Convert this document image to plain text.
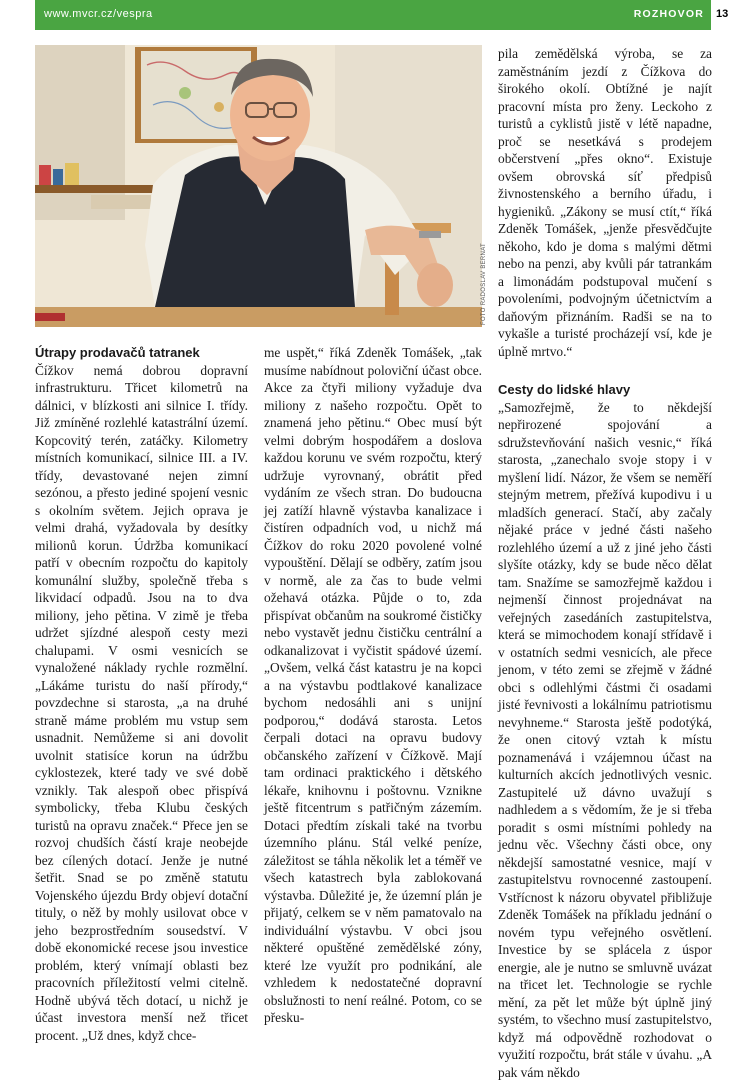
www.mvcr.cz/vespra	ROZHOVOR 13
FOTO RADOSLAV BERNAT
Útrapy prodavačů tatranek

Čížkov nemá dobrou dopravní infrastrukturu. Třicet kilometrů na dálnici, v blízkosti ani silnice I. třídy. Již zmíněné rozlehlé katastrální území. Kopcovitý terén, zatáčky. Kilometry místních komunikací, silnice III. a IV. třídy, devastované nejen zimní sezónou, a přesto jediné spojení vesnic s okolním světem. Jejich oprava je velmi drahá, vyžadovala by desítky milionů korun. Údržba komunikací patří v obecním rozpočtu do kapitoly komunální služby, společně třeba s likvidací odpadů. Jsou na to dva miliony, jeho pětina. V zimě je třeba udržet sjízdné alespoň cesty mezi chalupami. V osmi vesnicích se vynaložené náklady rychle rozmělní. „Lákáme turistu do naší přírody,“ povzdechne si starosta, „a na druhé straně máme problém mu vstup sem usnadnit. Nemůžeme si ani dovolit uvolnit statisíce korun na údržbu cyklostezek, které tady ve své době vznikly. Tak alespoň obec přispívá symbolicky, třeba Klubu českých turistů na opravu značek.“ Přece jen se rozvoj chudších částí kraje neobejde bez cílených dotací. Jenže je nutné šetřit. Snad se po změně statutu Vojenského újezdu Brdy objeví dotační tituly, o něž by mohly usilovat obce v jeho bezprostředním sousedství. V době ekonomické recese jsou investice problém, který vnímají oblasti bez pracovních příležitostí velmi citelně. Hodně ubývá těch dotací, u nichž je účast investora menší než třicet procent. „Už dnes, když chce-

me uspět,“ říká Zdeněk Tomášek, „tak musíme nabídnout poloviční účast obce. Akce za čtyři miliony vyžaduje dva miliony z našeho rozpočtu. Opět to znamená jeho pětinu.“ Obec musí být velmi dobrým hospodářem a doslova každou korunu ve svém rozpočtu, který udržuje vyrovnaný, obrátit před vydáním ze všech stran. Do budoucna jej zatíží hlavně výstavba kanalizace i čistíren odpadních vod, u nichž má Čížkov do roku 2020 povolené volné vypouštění. Dělají se odběry, zatím jsou v normě, ale za čas to bude velmi ožehavá otázka. Půjde o to, zda přispívat občanům na soukromé čističky nebo vystavět jednu čističku centrální a odkanalizovat i vyčistit spádové území. „Ovšem, velká část katastru je na kopci a na výstavbu podtlakové kanalizace bychom nedosáhli ani s unijní podporou,“ dodává starosta. Letos čerpali dotaci na opravu budovy občanského zařízení v Čížkově. Mají tam ordinaci praktického i dětského lékaře, knihovnu i poštovnu. Vznikne ještě fitcentrum s patřičným zázemím. Dotaci předtím získali také na tvorbu územního plánu. Stál velké peníze, záležitost se táhla několik let a téměř ve všech katastrech byla zablokovaná výstavba. Důležité je, že územní plán je přijatý, celkem se v něm pamatovalo na individuální výstavbu. V obci jsou některé opuštěné zemědělské zóny, které lze využít pro podnikání, ale vzhledem k nedostatečné dopravní obslužnosti to není reálné. Potom, co se přesku-

pila zemědělská výroba, se za zaměstnáním jezdí z Čížkova do širokého okolí. Obtížné je najít pracovní místa pro ženy. Leckoho z turistů a cyklistů jistě v létě napadne, proč se nesetkává s prodejem občerstvení „přes okno“. Existuje ovšem obrovská síť předpisů živnostenského a berního úřadu, i hygieniků. „Zákony se musí ctít,“ říká Zdeněk Tomášek, „jenže přesvědčujte někoho, kdo je doma s malými dětmi nebo na penzi, aby kvůli pár tatrankám a limonádám podstupoval mučení s povoleními, podvojným účetnictvím a daňovým přiznáním. Radši se na to vykašle a turisté procházejí vsí, kde je úplně mrtvo.“

Cesty do lidské hlavy

„Samozřejmě, že to někdejší nepřirozené spojování a sdružstevňování našich vesnic,“ říká starosta, „zanechalo svoje stopy i v myšlení lidí. Názor, že všem se neměří stejným metrem, přežívá kupodivu i u mladších generací. Stačí, aby začaly nějaké práce v jedné části našeho rozlehlého území a už z jiné jeho části slyšíte otázky, kdy se bude něco dělat tam. Snažíme se samozřejmě každou i nejmenší činnost projednávat na veřejných zasedáních zastupitelstva, která se mimochodem konají střídavě i v ostatních sedmi vesnicích, ale přece jenom, v této zemi se zřejmě v žádné obci s odlehlými částmi či osadami jisté řevnivosti a lokálnímu patriotismu nevyhneme.“ Starosta ještě podotýká, že onen citový vztah k místu poznamenává i vzájemnou účast na kulturních akcích jednotlivých vesnic. Zastupitelé už dávno uvažují s nadhledem a s vědomím, že je si třeba poradit s osmi místními pohledy na jednu věc. Všechny části obce, ony někdejší samostatné vesnice, mají v zastupitelstvu rovnocenné zastoupení. Vstřícnost k názoru obyvatel přibližuje Zdeněk Tomášek na příkladu jednání o novém typu veřejného osvětlení. Investice by se splácela z úspor energie, ale je nutno se smluvně uvázat na třicet let. Technologie se rychle mění, za pět let může být úplně jiný systém, to všechno musí zastupitelstvo, když má odpovědně rozhodovat o využití rozpočtu, brát stále v úvahu. „A pak vám někdo
